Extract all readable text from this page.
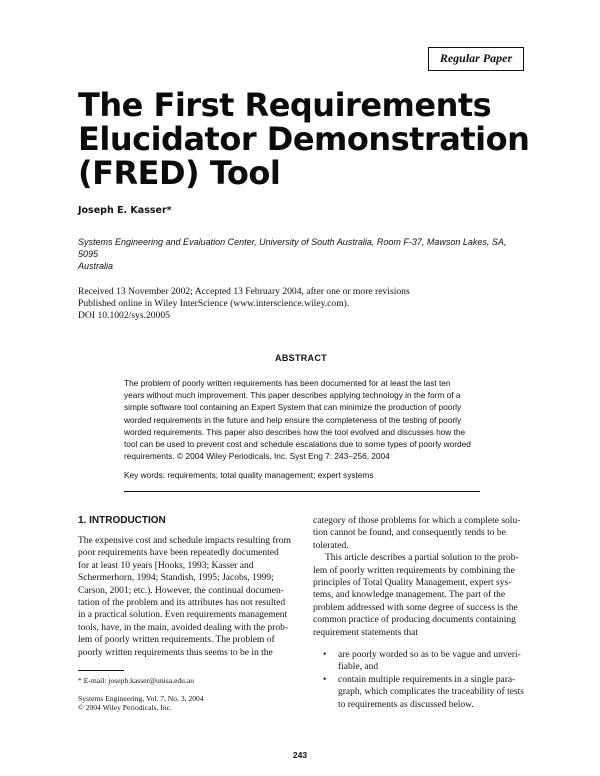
Regular Paper
The First Requirements
Elucidator Demonstration
(FRED) Tool
Joseph E. Kasser*
Systems Engineering and Evaluation Center, University of South Australia, Room F-37, Mawson Lakes, SA, 5095
Australia
Received 13 November 2002; Accepted 13 February 2004, after one or more revisions
Published online in Wiley InterScience (www.interscience.wiley.com).
DOI 10.1002/sys.20005
ABSTRACT
The problem of poorly written requirements has been documented for at least the last ten
years without much improvement. This paper describes applying technology in the form of a
simple software tool containing an Expert System that can minimize the production of poorly
worded requirements in the future and help ensure the completeness of the testing of poorly
worded requirements. This paper also describes how the tool evolved and discusses how the
tool can be used to prevent cost and schedule escalations due to some types of poorly worded
requirements. © 2004 Wiley Periodicals, Inc. Syst Eng 7: 243–256, 2004
Key words: requirements; total quality management; expert systems
1. INTRODUCTION
The expensive cost and schedule impacts resulting from
poor requirements have been repeatedly documented
for at least 10 years [Hooks, 1993; Kasser and
Schermerhorn, 1994; Standish, 1995; Jacobs, 1999;
Carson, 2001; etc.). However, the continual documen-
tation of the problem and its attributes has not resulted
in a practical solution. Even requirements management
tools, have, in the main, avoided dealing with the prob-
lem of poorly written requirements. The problem of
poorly written requirements thus seems to be in the
* E-mail: joseph.kasser@unisa.edu.au
Systems Engineering, Vol. 7, No. 3, 2004
© 2004 Wiley Periodicals, Inc.
category of those problems for which a complete solu-
tion cannot be found, and consequently tends to be
tolerated.
This article describes a partial solution to the prob-
lem of poorly written requirements by combining the
principles of Total Quality Management, expert sys-
tems, and knowledge management. The part of the
problem addressed with some degree of success is the
common practice of producing documents containing
requirement statements that
• are poorly worded so as to be vague and unveri-
fiable, and
• contain multiple requirements in a single para-
graph, which complicates the traceability of tests
to requirements as discussed below.
243
